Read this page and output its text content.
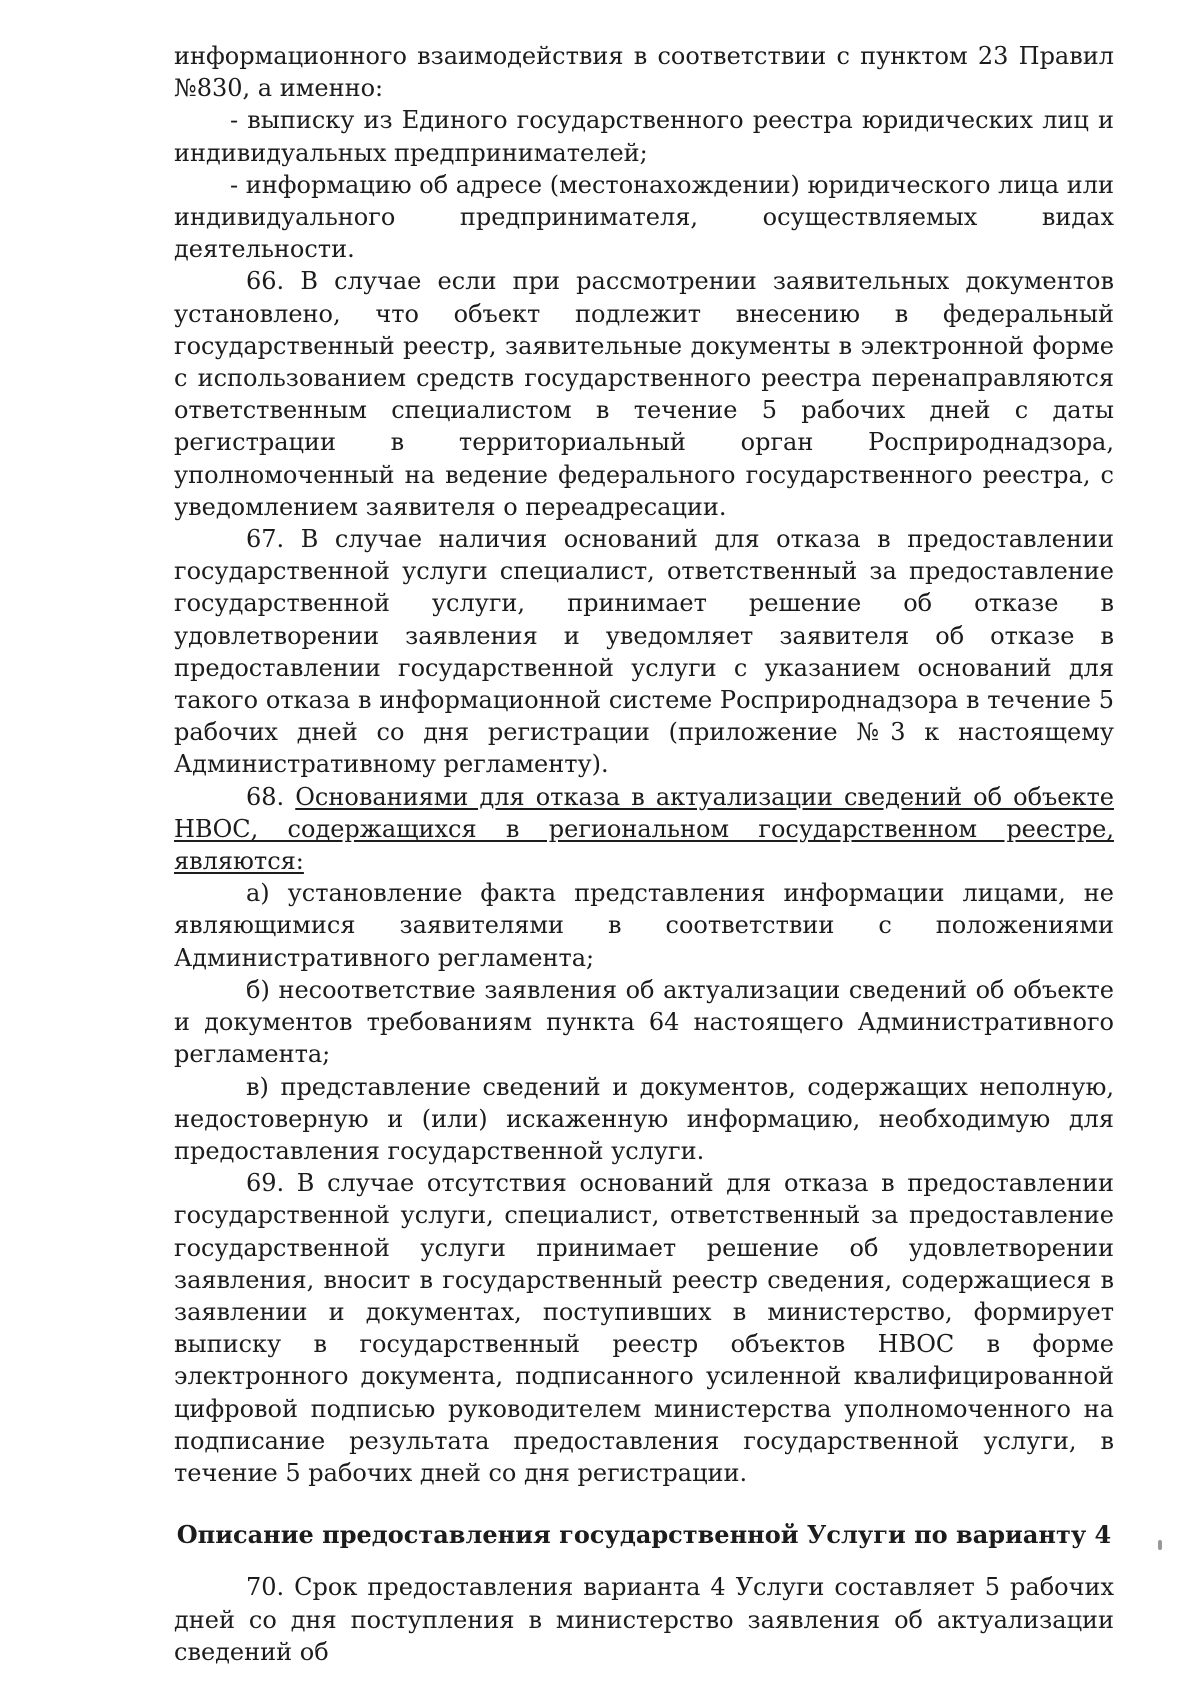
информационного взаимодействия в соответствии с пунктом 23 Правил №830, а именно:

- выписку из Единого государственного реестра юридических лиц и индивидуальных предпринимателей;

- информацию об адресе (местонахождении) юридического лица или индивидуального предпринимателя, осуществляемых видах деятельности.

66. В случае если при рассмотрении заявительных документов установлено, что объект подлежит внесению в федеральный государственный реестр, заявительные документы в электронной форме с использованием средств государственного реестра перенаправляются ответственным специалистом в течение 5 рабочих дней с даты регистрации в территориальный орган Росприроднадзора, уполномоченный на ведение федерального государственного реестра, с уведомлением заявителя о переадресации.

67. В случае наличия оснований для отказа в предоставлении государственной услуги специалист, ответственный за предоставление государственной услуги, принимает решение об отказе в удовлетворении заявления и уведомляет заявителя об отказе в предоставлении государственной услуги с указанием оснований для такого отказа в информационной системе Росприроднадзора в течение 5 рабочих дней со дня регистрации (приложение №3 к настоящему Административному регламенту).

68. Основаниями для отказа в актуализации сведений об объекте НВОС, содержащихся в региональном государственном реестре, являются:

а) установление факта представления информации лицами, не являющимися заявителями в соответствии с положениями Административного регламента;

б) несоответствие заявления об актуализации сведений об объекте и документов требованиям пункта 64 настоящего Административного регламента;

в) представление сведений и документов, содержащих неполную, недостоверную и (или) искаженную информацию, необходимую для предоставления государственной услуги.

69. В случае отсутствия оснований для отказа в предоставлении государственной услуги, специалист, ответственный за предоставление государственной услуги принимает решение об удовлетворении заявления, вносит в государственный реестр сведения, содержащиеся в заявлении и документах, поступивших в министерство, формирует выписку в государственный реестр объектов НВОС в форме электронного документа, подписанного усиленной квалифицированной цифровой подписью руководителем министерства уполномоченного на подписание результата предоставления государственной услуги, в течение 5 рабочих дней со дня регистрации.

Описание предоставления государственной Услуги по варианту 4

70. Срок предоставления варианта 4 Услуги составляет 5 рабочих дней со дня поступления в министерство заявления об актуализации сведений об
